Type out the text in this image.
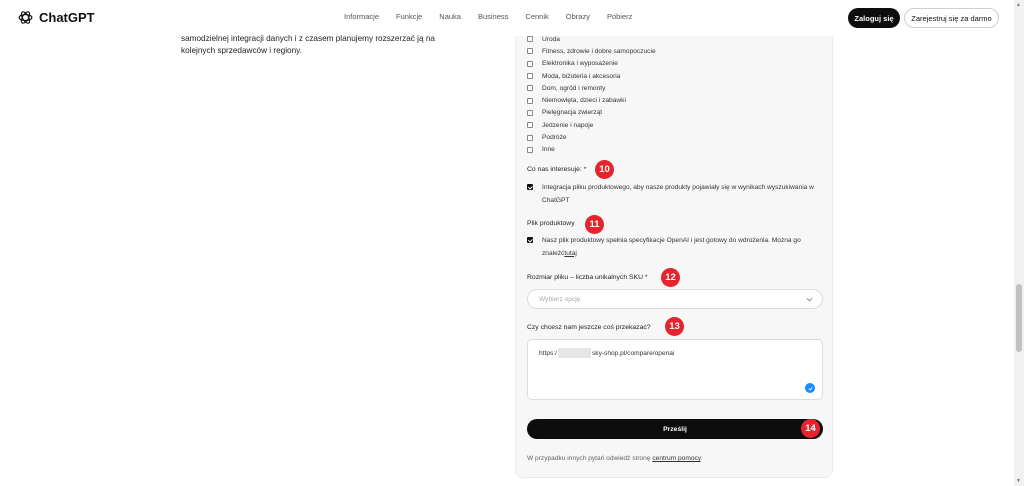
ChatGPT	Informacje Funkcje Nauka Business Cennik Obrazy Pobierz	Zaloguj się	Zarejestruj się za darmo
samodzielnej integracji danych i z czasem planujemy rozszerzać ją na kolejnych sprzedawców i regiony.
Uroda
Fitness, zdrowie i dobre samopoczucie
Elektronika i wyposażenie
Moda, biżuteria i akcesoria
Dom, ogród i remonty
Niemowlęta, dzieci i zabawki
Pielęgnacja zwierząt
Jedzenie i napoje
Podróże
Inne
Co nas interesuje: *	10
Integracja pliku produktowego, aby nasze produkty pojawiały się w wynikach wyszukiwania w ChatGPT
Plik produktowy	11
Nasz plik produktowy spełnia specyfikacje OpenAI i jest gotowy do wdrożenia. Można go znaleźćtutaj
Rozmiar pliku – liczba unikalnych SKU *	12
Wybierz opcję
Czy chcesz nam jeszcze coś przekazać?	13
https:/	sky-shop.pl/compare/openai
Prześlij	14
W przypadku innych pytań odwiedź stronę centrum pomocy.
▲
▼
